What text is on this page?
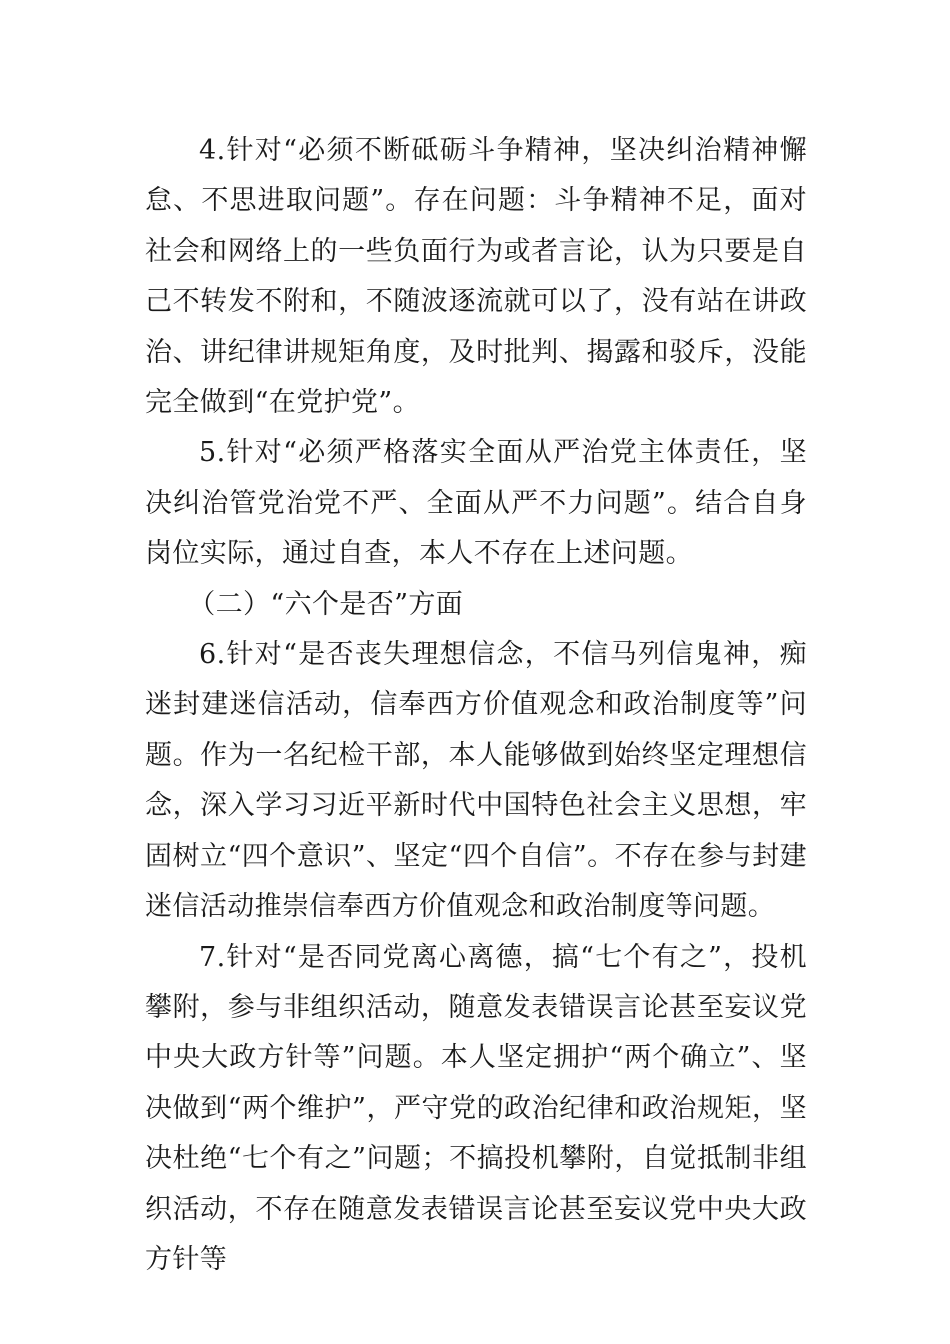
4.针对“必须不断砥砺斗争精神，坚决纠治精神懈怠、不思进取问题”。存在问题：斗争精神不足，面对社会和网络上的一些负面行为或者言论，认为只要是自己不转发不附和，不随波逐流就可以了，没有站在讲政治、讲纪律讲规矩角度，及时批判、揭露和驳斥，没能完全做到“在党护党”。

5.针对“必须严格落实全面从严治党主体责任，坚决纠治管党治党不严、全面从严不力问题”。结合自身岗位实际，通过自查，本人不存在上述问题。

（二）“六个是否”方面

6.针对“是否丧失理想信念，不信马列信鬼神，痴迷封建迷信活动，信奉西方价值观念和政治制度等”问题。作为一名纪检干部，本人能够做到始终坚定理想信念，深入学习习近平新时代中国特色社会主义思想，牢固树立“四个意识”、坚定“四个自信”。不存在参与封建迷信活动推崇信奉西方价值观念和政治制度等问题。

7.针对“是否同党离心离德，搞“七个有之”，投机攀附，参与非组织活动，随意发表错误言论甚至妄议党中央大政方针等”问题。本人坚定拥护“两个确立”、坚决做到“两个维护”，严守党的政治纪律和政治规矩，坚决杜绝“七个有之”问题；不搞投机攀附，自觉抵制非组织活动，不存在随意发表错误言论甚至妄议党中央大政方针等
